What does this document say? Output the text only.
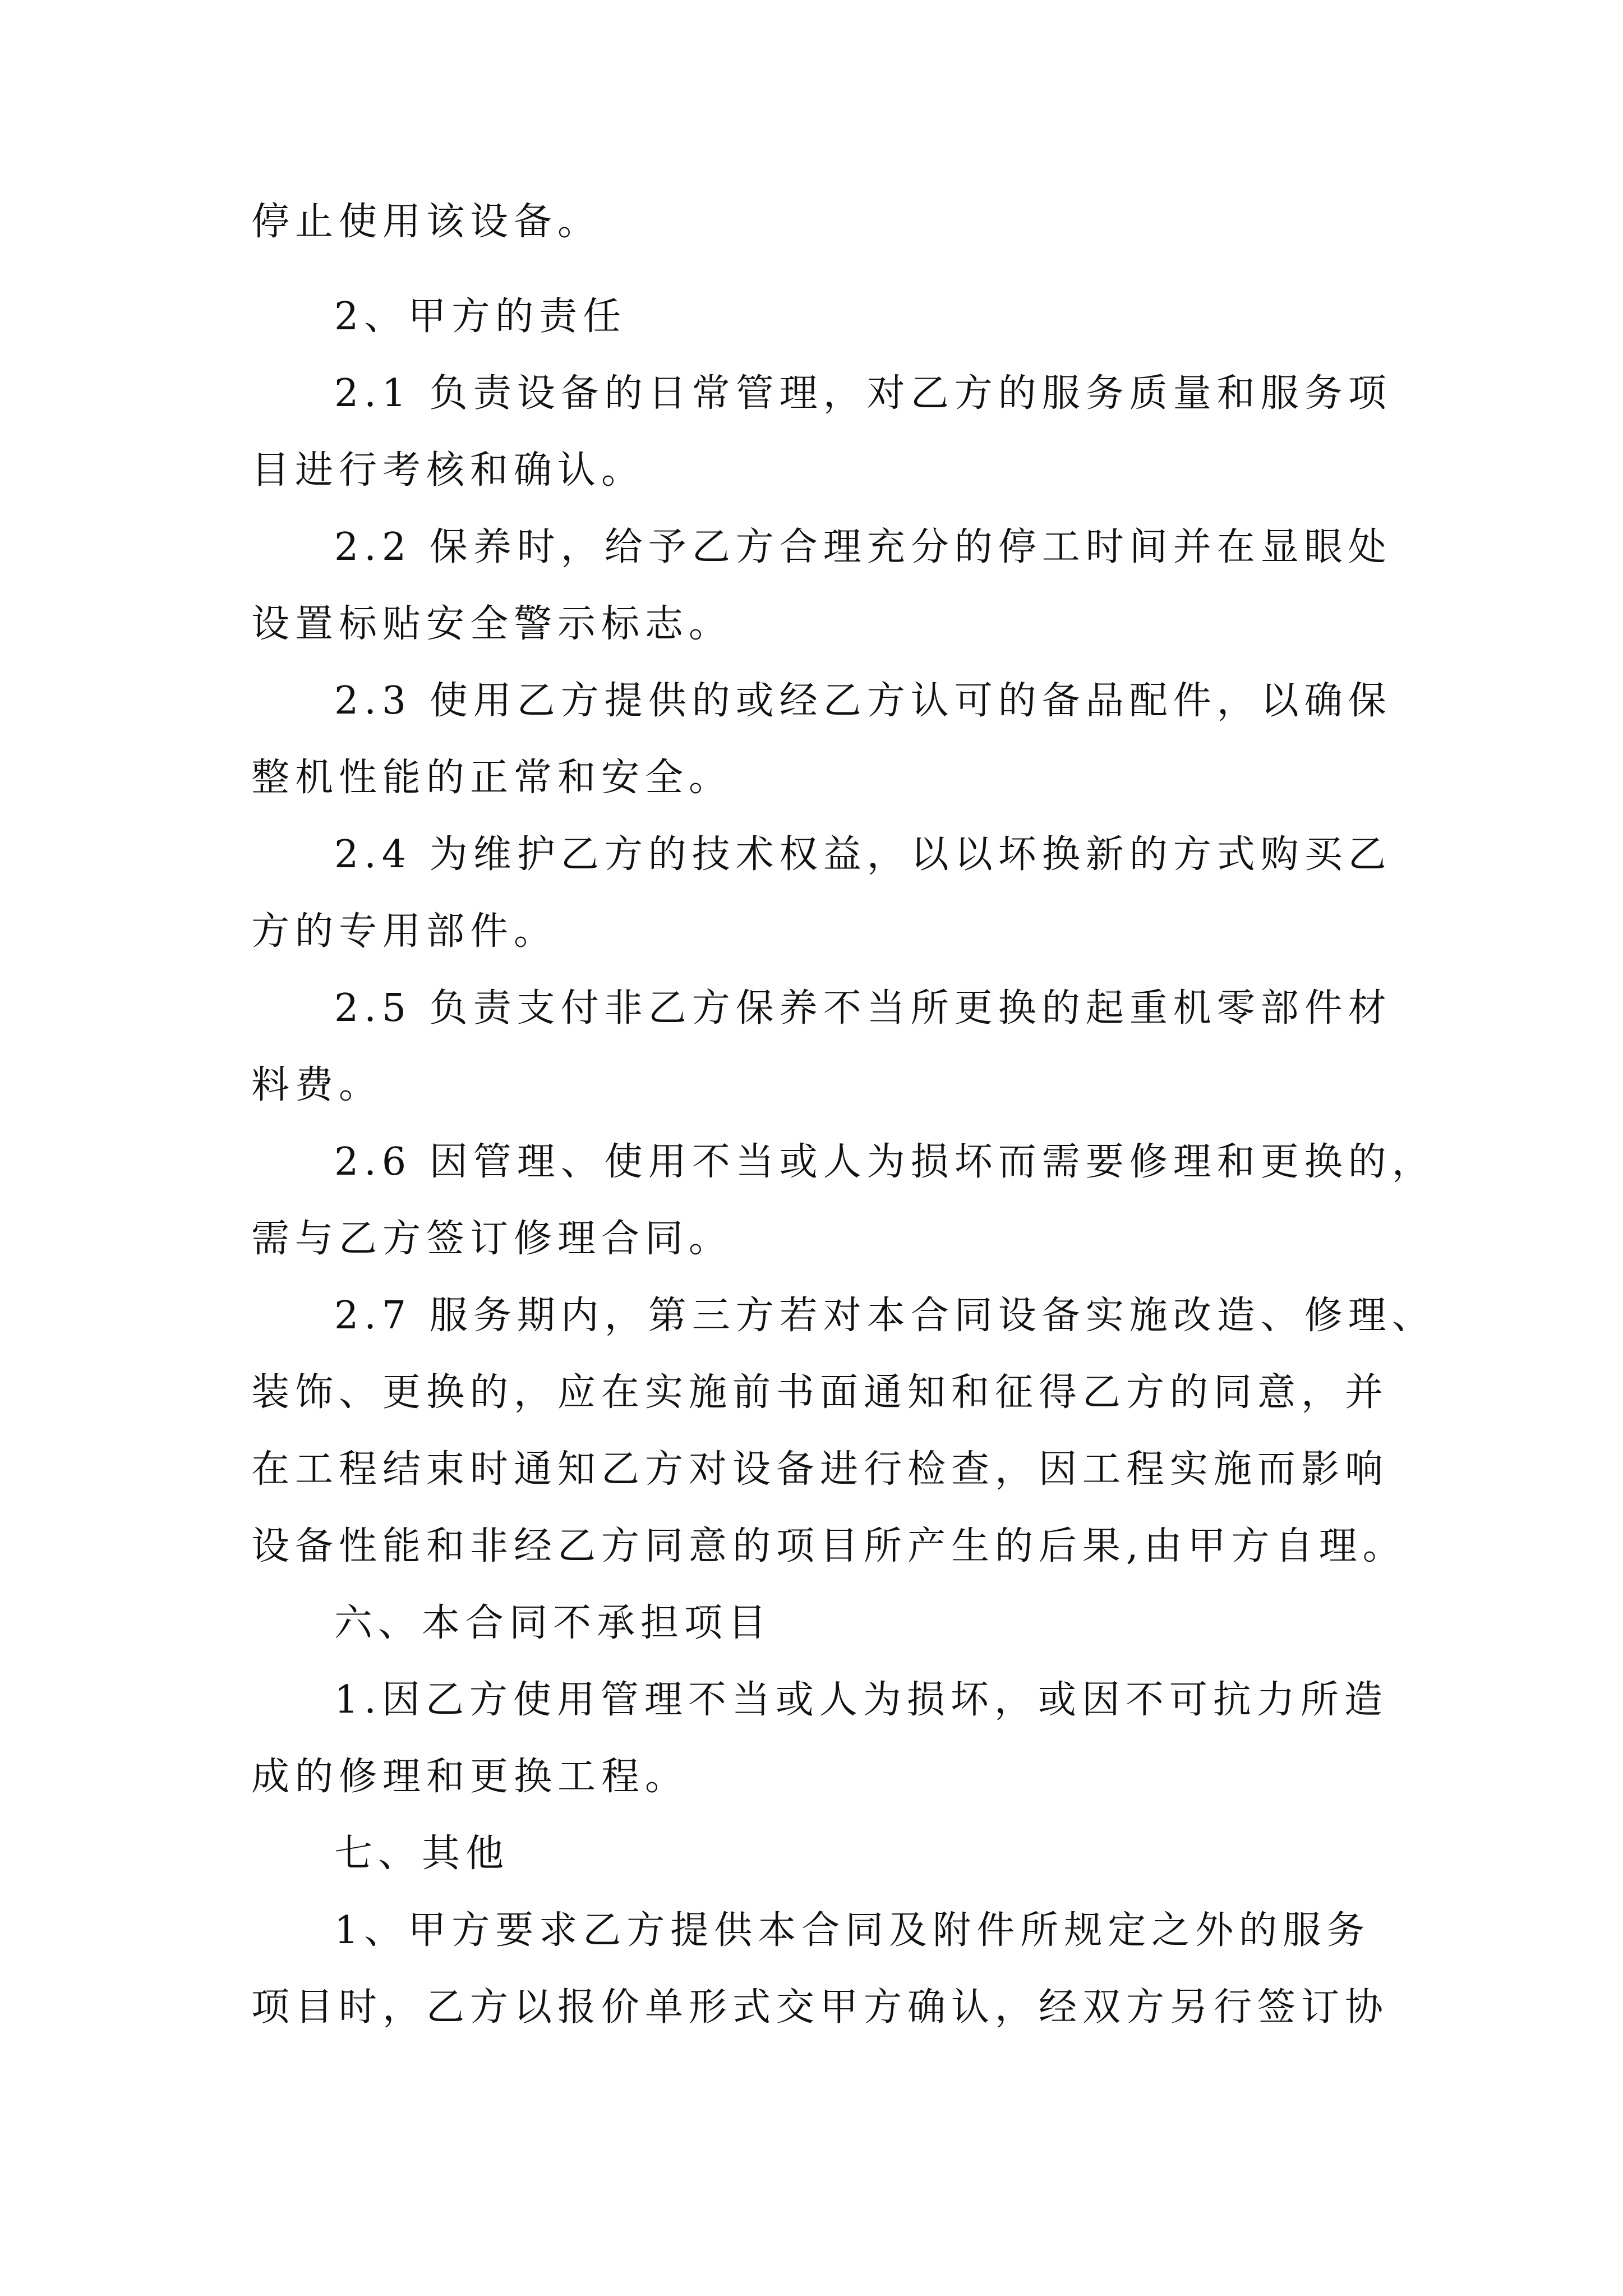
停止使用该设备。
2、甲方的责任
2.1 负责设备的日常管理，对乙方的服务质量和服务项
目进行考核和确认。
2.2 保养时，给予乙方合理充分的停工时间并在显眼处
设置标贴安全警示标志。
2.3 使用乙方提供的或经乙方认可的备品配件，以确保
整机性能的正常和安全。
2.4 为维护乙方的技术权益，以以坏换新的方式购买乙
方的专用部件。
2.5 负责支付非乙方保养不当所更换的起重机零部件材
料费。
2.6 因管理、使用不当或人为损坏而需要修理和更换的，
需与乙方签订修理合同。
2.7 服务期内，第三方若对本合同设备实施改造、修理、
装饰、更换的，应在实施前书面通知和征得乙方的同意，并
在工程结束时通知乙方对设备进行检查，因工程实施而影响
设备性能和非经乙方同意的项目所产生的后果,由甲方自理。
六、本合同不承担项目
1.因乙方使用管理不当或人为损坏，或因不可抗力所造
成的修理和更换工程。
七、其他
1、甲方要求乙方提供本合同及附件所规定之外的服务
项目时，乙方以报价单形式交甲方确认，经双方另行签订协
